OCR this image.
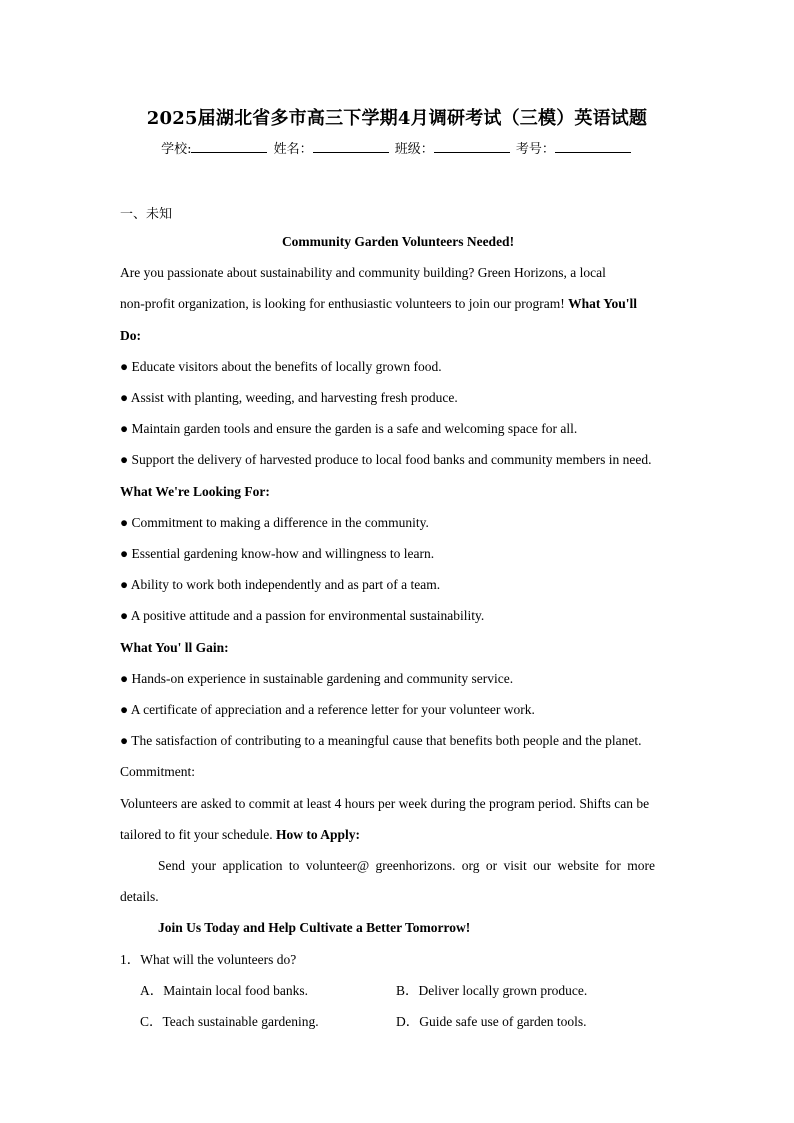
2025届湖北省多市高三下学期4月调研考试（三模）英语试题
学校:	姓名：	班级：	考号：
一、未知

Community Garden Volunteers Needed!

Are you passionate about sustainability and community building? Green Horizons, a local

non-profit organization, is looking for enthusiastic volunteers to join our program! What You'll

Do:

● Educate visitors about the benefits of locally grown food.

● Assist with planting, weeding, and harvesting fresh produce.

● Maintain garden tools and ensure the garden is a safe and welcoming space for all.

● Support the delivery of harvested produce to local food banks and community members in need.

What We're Looking For:

● Commitment to making a difference in the community.

● Essential gardening know-how and willingness to learn.

● Ability to work both independently and as part of a team.

● A positive attitude and a passion for environmental sustainability.

What You' ll Gain:

● Hands-on experience in sustainable gardening and community service.

● A certificate of appreciation and a reference letter for your volunteer work.

● The satisfaction of contributing to a meaningful cause that benefits both people and the planet.

Commitment:

Volunteers are asked to commit at least 4 hours per week during the program period. Shifts can be

tailored to fit your schedule. How to Apply:

Send your application to volunteer@ greenhorizons. org or visit our website for more

details.

Join Us Today and Help Cultivate a Better Tomorrow!

1．What will the volunteers do?

A．Maintain local food banks.	B．Deliver locally grown produce.
C．Teach sustainable gardening.	D．Guide safe use of garden tools.
